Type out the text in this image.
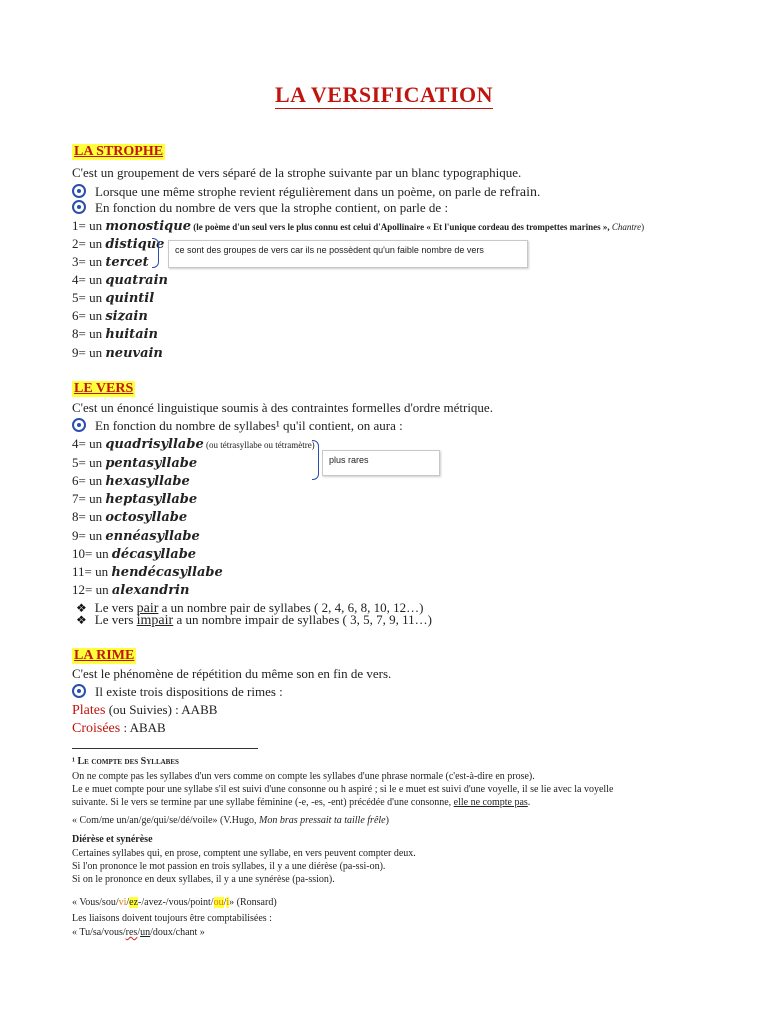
LA VERSIFICATION
LA STROPHE
C'est un groupement de vers séparé de la strophe suivante par un blanc typographique.
Lorsque une même strophe revient régulièrement dans un poème, on parle de refrain.
En fonction du nombre de vers que la strophe contient, on parle de :
1= un monostique (le poème d'un seul vers le plus connu est celui d'Apollinaire « Et l'unique cordeau des trompettes marines », Chantre)
2= un distique
3= un tercet
4= un quatrain
5= un quintil
6= un sizain
8= un huitain
9= un neuvain
ce sont des groupes de vers car ils ne possèdent qu'un faible nombre de vers
LE VERS
C'est un énoncé linguistique soumis à des contraintes formelles d'ordre métrique.
En fonction du nombre de syllabes¹ qu'il contient, on aura :
4= un quadrisyllabe (ou tétrasyllabe ou tétramètre)
5= un pentasyllabe
6= un hexasyllabe
7= un heptasyllabe
8= un octosyllabe
9= un ennéasyllabe
10= un décasyllabe
11= un hendécasyllabe
12= un alexandrin
plus rares
❖ Le vers pair a un nombre pair de syllabes ( 2, 4, 6, 8, 10, 12…)
❖ Le vers impair a un nombre impair de syllabes ( 3, 5, 7, 9, 11…)
LA RIME
C'est le phénomène de répétition du même son en fin de vers.
Il existe trois dispositions de rimes :
Plates (ou Suivies) : AABB
Croisées : ABAB
¹ Le compte des Syllabes
On ne compte pas les syllabes d'un vers comme on compte les syllabes d'une phrase normale (c'est-à-dire en prose).
Le e muet compte pour une syllabe s'il est suivi d'une consonne ou h aspiré ; si le e muet est suivi d'une voyelle, il se lie avec la voyelle
suivante. Si le vers se termine par une syllabe féminine (-e, -es, -ent) précédée d'une consonne, elle ne compte pas.
« Com/me un/an/ge/qui/se/dé/voile» (V.Hugo, Mon bras pressait ta taille frêle)
Diérèse et synérèse
Certaines syllabes qui, en prose, comptent une syllabe, en vers peuvent compter deux.
Si l'on prononce le mot passion en trois syllabes, il y a une diérèse (pa-ssi-on).
Si on le prononce en deux syllabes, il y a une synérèse (pa-ssion).
« Vous/sou/vi/ez-/avez-/vous/point/ou/i» (Ronsard)
Les liaisons doivent toujours être comptabilisées :
« Tu/sa/vous/res/un/doux/chant »
